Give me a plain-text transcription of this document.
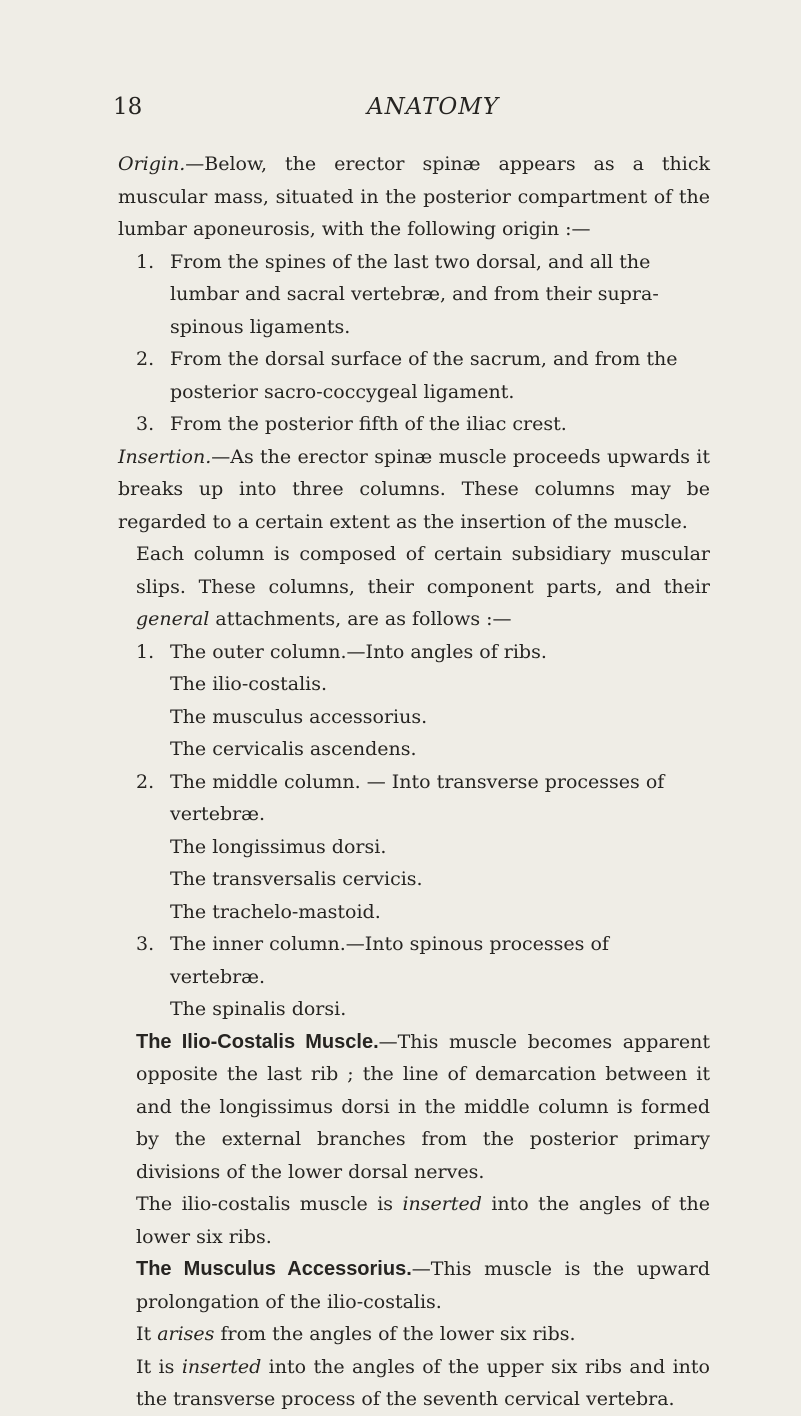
18	ANATOMY

Origin.—Below, the erector spinæ appears as a thick muscular mass, situated in the posterior compartment of the lumbar aponeurosis, with the following origin :—

1. From the spines of the last two dorsal, and all the lumbar and sacral vertebræ, and from their supra-spinous ligaments.

2. From the dorsal surface of the sacrum, and from the posterior sacro-coccygeal ligament.

3. From the posterior fifth of the iliac crest.

Insertion.—As the erector spinæ muscle proceeds upwards it breaks up into three columns. These columns may be regarded to a certain extent as the insertion of the muscle.

Each column is composed of certain subsidiary muscular slips. These columns, their component parts, and their general attachments, are as follows :—

1. The outer column.—Into angles of ribs.

The ilio-costalis.

The musculus accessorius.

The cervicalis ascendens.

2. The middle column. — Into transverse processes of vertebræ.

The longissimus dorsi.

The transversalis cervicis.

The trachelo-mastoid.

3. The inner column.—Into spinous processes of vertebræ.

The spinalis dorsi.

The Ilio-Costalis Muscle.—This muscle becomes apparent opposite the last rib ; the line of demarcation between it and the longissimus dorsi in the middle column is formed by the external branches from the posterior primary divisions of the lower dorsal nerves.

The ilio-costalis muscle is inserted into the angles of the lower six ribs.

The Musculus Accessorius.—This muscle is the upward prolongation of the ilio-costalis.

It arises from the angles of the lower six ribs.

It is inserted into the angles of the upper six ribs and into the transverse process of the seventh cervical vertebra.
